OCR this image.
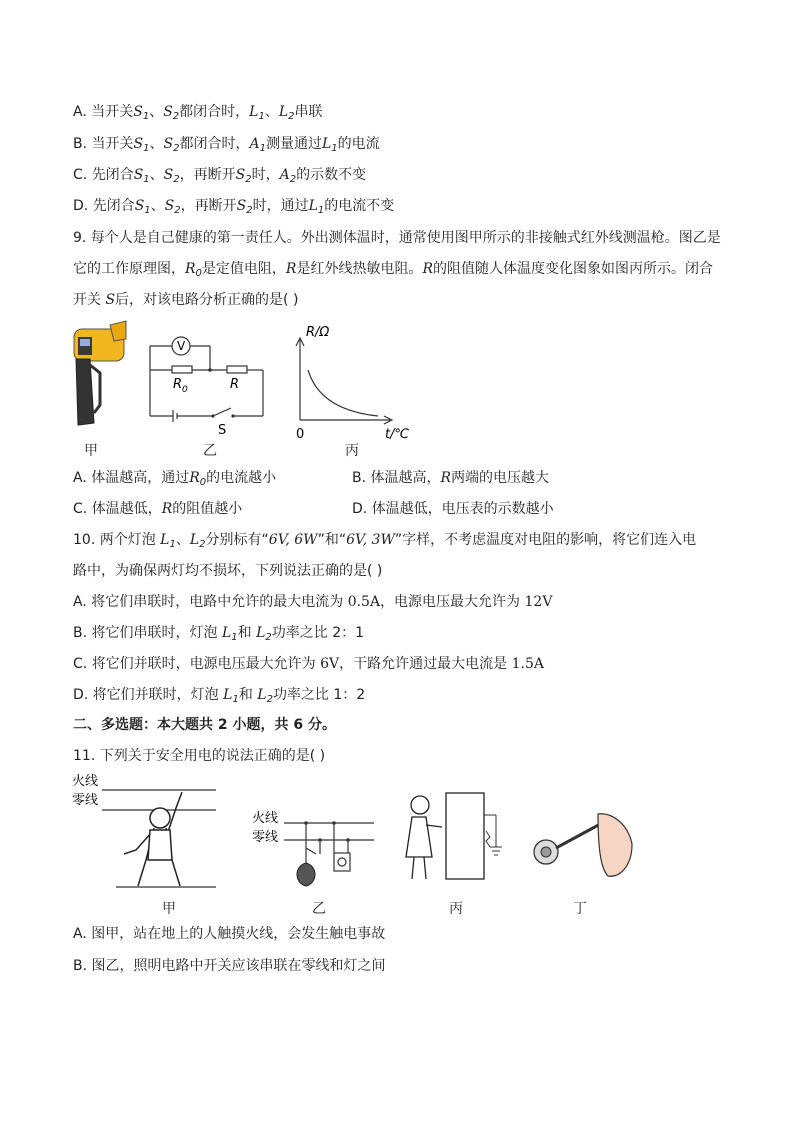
A. 当开关$S_1$、$S_2$都闭合时，$L_1$、$L_2$串联
B. 当开关$S_1$、$S_2$都闭合时，$A_1$测量通过$L_1$的电流
C. 先闭合$S_1$、$S_2$，再断开$S_2$时，$A_2$的示数不变
D. 先闭合$S_1$、$S_2$，再断开$S_2$时，通过$L_1$的电流不变
9. 每个人是自己健康的第一责任人。外出测体温时，通常使用图甲所示的非接触式红外线测温枪。图乙是
它的工作原理图，$R_0$是定值电阻，R是红外线热敏电阻。R的阻值随人体温度变化图象如图丙所示。闭合
开关 S后，对该电路分析正确的是( )
甲
V
R 0	R
S
乙
R/Ω
0	t/℃
丙
A. 体温越高，通过$R_0$的电流越小	B. 体温越高，R两端的电压越大
C. 体温越低，R的阻值越小	D. 体温越低，电压表的示数越小
10. 两个灯泡 $L_1$、$L_2$分别标有“6V, 6W”和“6V, 3W”字样，不考虑温度对电阻的影响，将它们连入电
路中，为确保两灯均不损坏，下列说法正确的是( )
A. 将它们串联时，电路中允许的最大电流为 0.5A，电源电压最大允许为 12V
B. 将它们串联时，灯泡 $L_1$和 $L_2$功率之比 2：1
C. 将它们并联时，电源电压最大允许为 6V，干路允许通过最大电流是 1.5A
D. 将它们并联时，灯泡 $L_1$和 $L_2$功率之比 1：2
二、多选题：本大题共 2 小题，共 6 分。
11. 下列关于安全用电的说法正确的是( )
火线
零线
甲
火线
零线
乙	丙	丁
A. 图甲，站在地上的人触摸火线，会发生触电事故
B. 图乙，照明电路中开关应该串联在零线和灯之间
